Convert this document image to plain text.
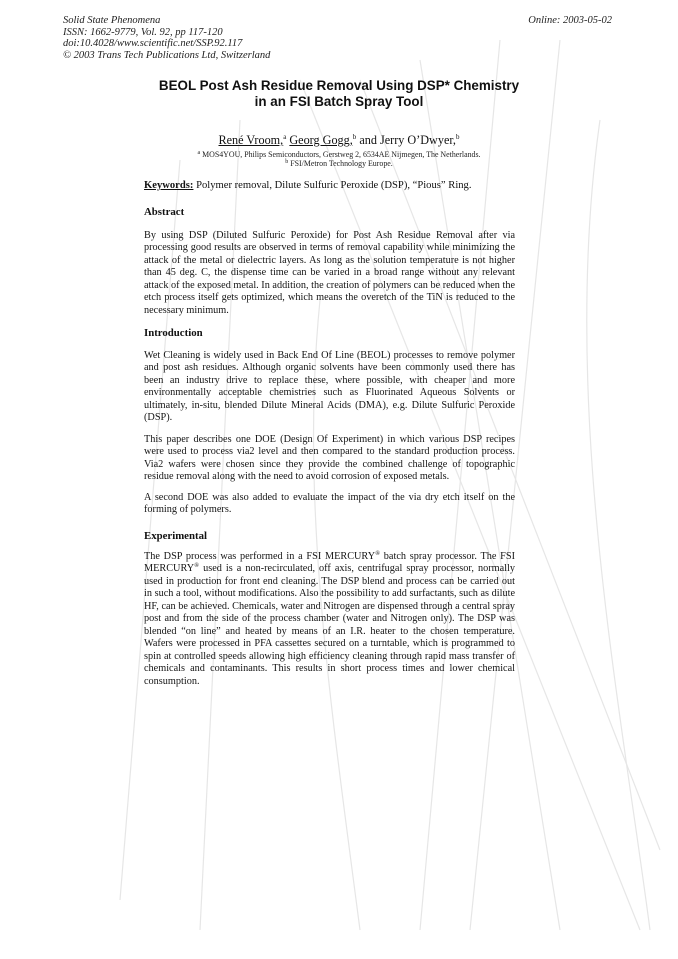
Solid State Phenomena
ISSN: 1662-9779, Vol. 92, pp 117-120
doi:10.4028/www.scientific.net/SSP.92.117
© 2003 Trans Tech Publications Ltd, Switzerland
Online: 2003-05-02
BEOL Post Ash Residue Removal Using DSP* Chemistry
in an FSI Batch Spray Tool
René Vroom,$^a$ Georg Gogg,$^b$ and Jerry O’Dwyer,$^b$
$^a$ MOS4YOU, Philips Semiconductors, Gerstweg 2, 6534AE Nijmegen, The Netherlands.
$^b$ FSI/Metron Technology Europe.
Keywords: Polymer removal, Dilute Sulfuric Peroxide (DSP), “Pious” Ring.
Abstract
By using DSP (Diluted Sulfuric Peroxide) for Post Ash Residue Removal after via processing good results are observed in terms of removal capability while minimizing the attack of the metal or dielectric layers. As long as the solution temperature is not higher than 45 deg. C, the dispense time can be varied in a broad range without any relevant attack of the exposed metal. In addition, the creation of polymers can be reduced when the etch process itself gets optimized, which means the overetch of the TiN is reduced to the necessary minimum.
Introduction
Wet Cleaning is widely used in Back End Of Line (BEOL) processes to remove polymer and post ash residues. Although organic solvents have been commonly used there has been an industry drive to replace these, where possible, with cheaper and more environmentally acceptable chemistries such as Fluorinated Aqueous Solvents or ultimately, in-situ, blended Dilute Mineral Acids (DMA), e.g. Dilute Sulfuric Peroxide (DSP).
This paper describes one DOE (Design Of Experiment) in which various DSP recipes were used to process via2 level and then compared to the standard production process. Via2 wafers were chosen since they provide the combined challenge of topographic residue removal along with the need to avoid corrosion of exposed metals.
A second DOE was also added to evaluate the impact of the via dry etch itself on the forming of polymers.
Experimental
The DSP process was performed in a FSI MERCURY® batch spray processor. The FSI MERCURY® used is a non-recirculated, off axis, centrifugal spray processor, normally used in production for front end cleaning. The DSP blend and process can be carried out in such a tool, without modifications. Also the possibility to add surfactants, such as dilute HF, can be achieved. Chemicals, water and Nitrogen are dispensed through a central spray post and from the side of the process chamber (water and Nitrogen only). The DSP was blended “on line” and heated by means of an I.R. heater to the chosen temperature. Wafers were processed in PFA cassettes secured on a turntable, which is programmed to spin at controlled speeds allowing high efficiency cleaning through rapid mass transfer of chemicals and contaminants. This results in short process times and lower chemical consumption.
